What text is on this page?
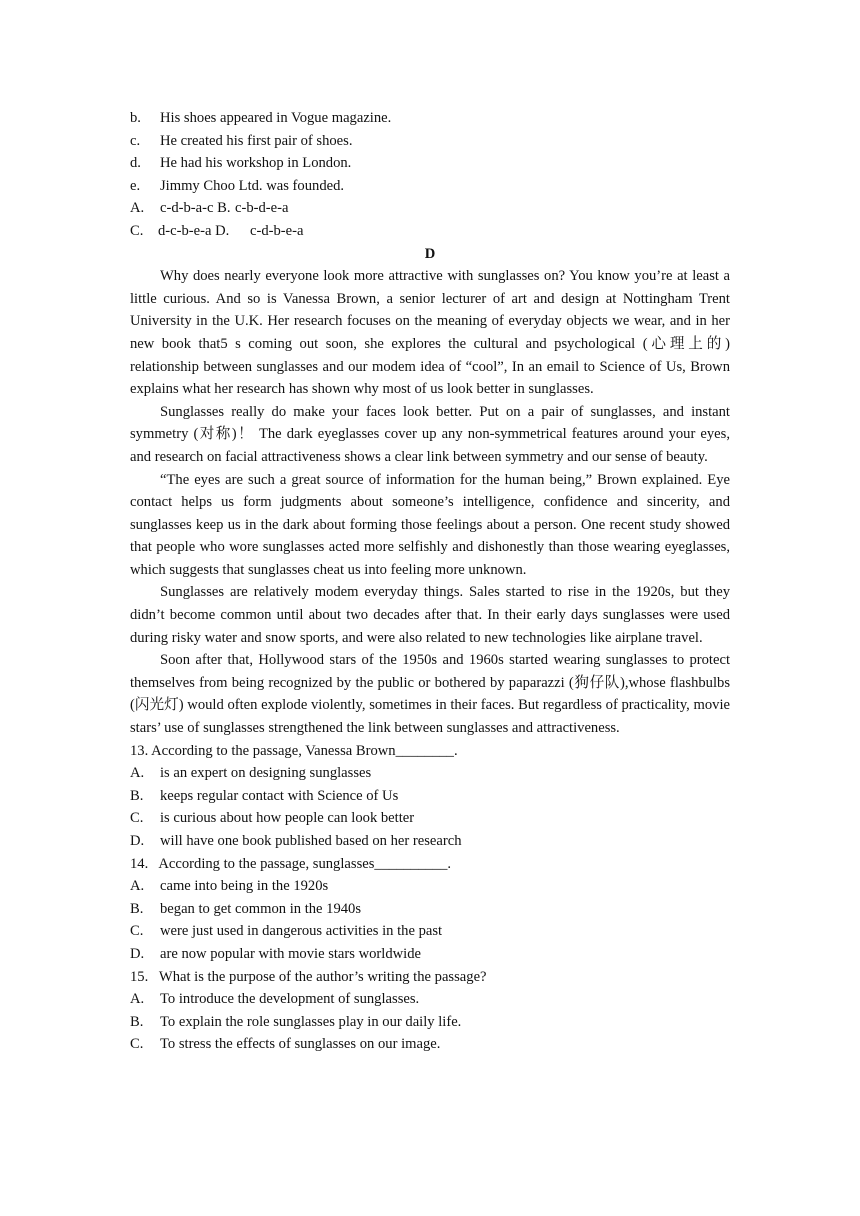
b.	His shoes appeared in Vogue magazine.
c.	He created his first pair of shoes.
d.	He had his workshop in London.
e.	Jimmy Choo Ltd. was founded.
A.	c-d-b-a-c B. c-b-d-e-a
C.	d-c-b-e-a D.	c-d-b-e-a
D

Why does nearly everyone look more attractive with sunglasses on? You know you’re at least a little curious. And so is Vanessa Brown, a senior lecturer of art and design at Nottingham Trent University in the U.K. Her research focuses on the meaning of everyday objects we wear, and in her new book that5 s coming out soon, she explores the cultural and psychological (心理上的) relationship between sunglasses and our modem idea of “cool”, In an email to Science of Us, Brown explains what her research has shown why most of us look better in sunglasses.

Sunglasses really do make your faces look better. Put on a pair of sunglasses, and instant symmetry (对称)！ The dark eyeglasses cover up any non-symmetrical features around your eyes, and research on facial attractiveness shows a clear link between symmetry and our sense of beauty.

“The eyes are such a great source of information for the human being,” Brown explained. Eye contact helps us form judgments about someone’s intelligence, confidence and sincerity, and sunglasses keep us in the dark about forming those feelings about a person. One recent study showed that people who wore sunglasses acted more selfishly and dishonestly than those wearing eyeglasses, which suggests that sunglasses cheat us into feeling more unknown.

Sunglasses are relatively modem everyday things. Sales started to rise in the 1920s, but they didn’t become common until about two decades after that. In their early days sunglasses were used during risky water and snow sports, and were also related to new technologies like airplane travel.

Soon after that, Hollywood stars of the 1950s and 1960s started wearing sunglasses to protect themselves from being recognized by the public or bothered by paparazzi (狗仔队),whose flashbulbs (闪光灯) would often explode violently, sometimes in their faces. But regardless of practicality, movie stars’ use of sunglasses strengthened the link between sunglasses and attractiveness.

13. According to the passage, Vanessa Brown________.
A.	is an expert on designing sunglasses
B.	keeps regular contact with Science of Us
C.	is curious about how people can look better
D.	will have one book published based on her research
14.   According to the passage, sunglasses__________.
A.	came into being in the 1920s
B.	began to get common in the 1940s
C.	were just used in dangerous activities in the past
D.	are now popular with movie stars worldwide
15.   What is the purpose of the author’s writing the passage?
A.	To introduce the development of sunglasses.
B.	To explain the role sunglasses play in our daily life.
C.	To stress the effects of sunglasses on our image.
